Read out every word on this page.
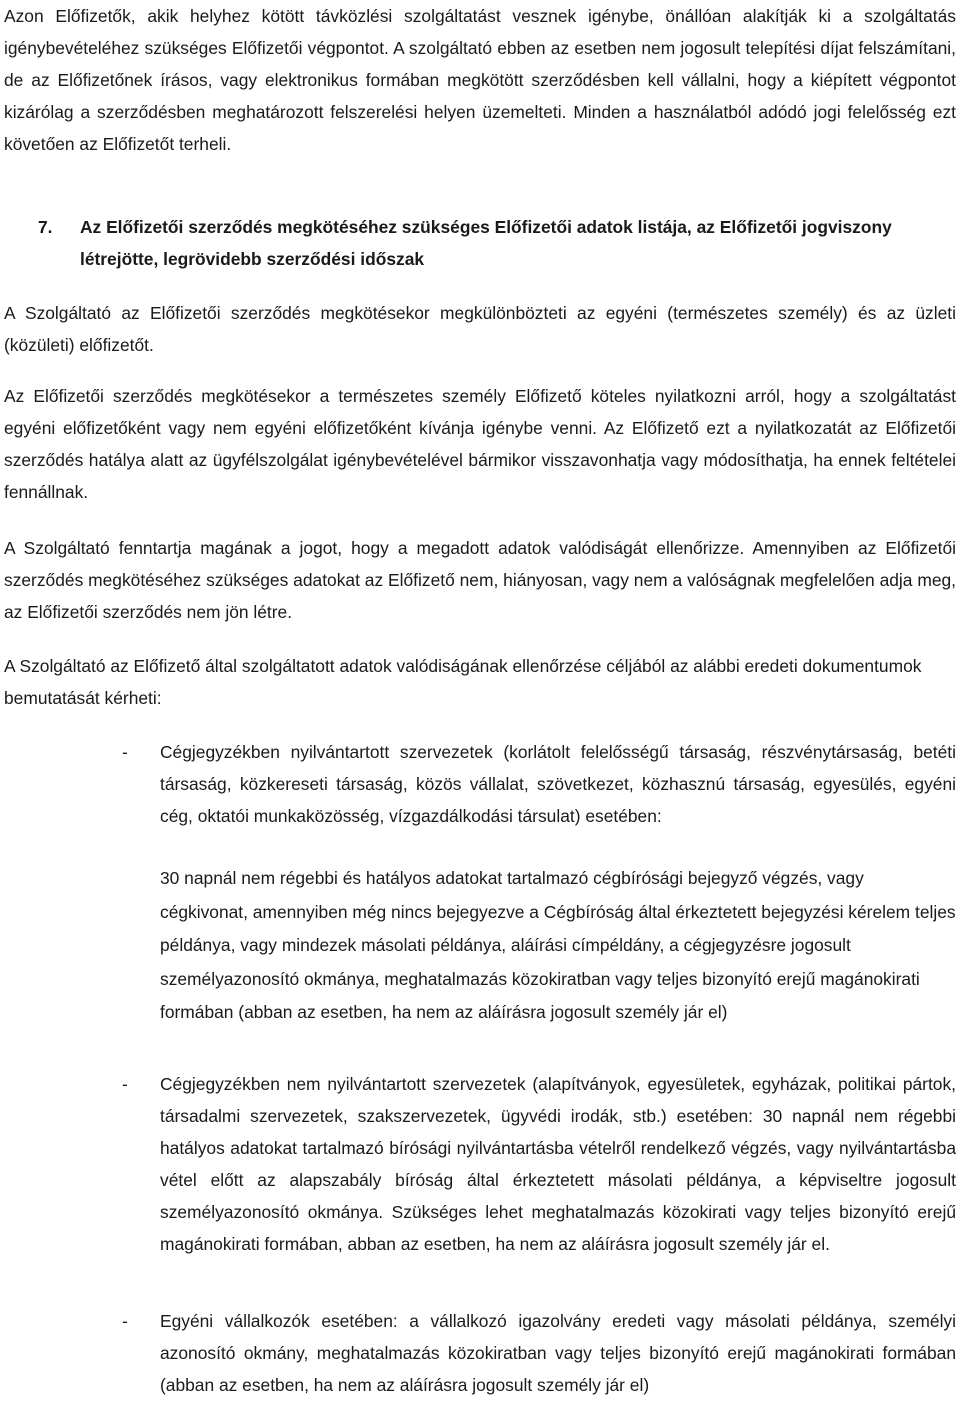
Azon Előfizetők, akik helyhez kötött távközlési szolgáltatást vesznek igénybe, önállóan alakítják ki a szolgáltatás igénybevételéhez szükséges Előfizetői végpontot. A szolgáltató ebben az esetben nem jogosult telepítési díjat felszámítani, de az Előfizetőnek írásos, vagy elektronikus formában megkötött szerződésben kell vállalni, hogy a kiépített végpontot kizárólag a szerződésben meghatározott felszerelési helyen üzemelteti. Minden a használatból adódó jogi felelősség ezt követően az Előfizetőt terheli.

7.	Az Előfizetői szerződés megkötéséhez szükséges Előfizetői adatok listája, az Előfizetői jogviszony létrejötte, legrövidebb szerződési időszak

A Szolgáltató az Előfizetői szerződés megkötésekor megkülönbözteti az egyéni (természetes személy) és az üzleti (közületi) előfizetőt.

Az Előfizetői szerződés megkötésekor a természetes személy Előfizető köteles nyilatkozni arról, hogy a szolgáltatást egyéni előfizetőként vagy nem egyéni előfizetőként kívánja igénybe venni. Az Előfizető ezt a nyilatkozatát az Előfizetői szerződés hatálya alatt az ügyfélszolgálat igénybevételével bármikor visszavonhatja vagy módosíthatja, ha ennek feltételei fennállnak.

A Szolgáltató fenntartja magának a jogot, hogy a megadott adatok valódiságát ellenőrizze. Amennyiben az Előfizetői szerződés megkötéséhez szükséges adatokat az Előfizető nem, hiányosan, vagy nem a valóságnak megfelelően adja meg, az Előfizetői szerződés nem jön létre.

A Szolgáltató az Előfizető által szolgáltatott adatok valódiságának ellenőrzése céljából az alábbi eredeti dokumentumok bemutatását kérheti:

-	Cégjegyzékben nyilvántartott szervezetek (korlátolt felelősségű társaság, részvénytársaság, betéti társaság, közkereseti társaság, közös vállalat, szövetkezet, közhasznú társaság, egyesülés, egyéni cég, oktatói munkaközösség, vízgazdálkodási társulat) esetében:

30 napnál nem régebbi és hatályos adatokat tartalmazó cégbírósági bejegyző végzés, vagy cégkivonat, amennyiben még nincs bejegyezve a Cégbíróság által érkeztetett bejegyzési kérelem teljes példánya, vagy mindezek másolati példánya, aláírási címpéldány, a cégjegyzésre jogosult személyazonosító okmánya, meghatalmazás közokiratban vagy teljes bizonyító erejű magánokirati formában (abban az esetben, ha nem az aláírásra jogosult személy jár el)

-	Cégjegyzékben nem nyilvántartott szervezetek (alapítványok, egyesületek, egyházak, politikai pártok, társadalmi szervezetek, szakszervezetek, ügyvédi irodák, stb.) esetében: 30 napnál nem régebbi hatályos adatokat tartalmazó bírósági nyilvántartásba vételről rendelkező végzés, vagy nyilvántartásba vétel előtt az alapszabály bíróság által érkeztetett másolati példánya, a képviseltre jogosult személyazonosító okmánya. Szükséges lehet meghatalmazás közokirati vagy teljes bizonyító erejű magánokirati formában, abban az esetben, ha nem az aláírásra jogosult személy jár el.

-	Egyéni vállalkozók esetében: a vállalkozó igazolvány eredeti vagy másolati példánya, személyi azonosító okmány, meghatalmazás közokiratban vagy teljes bizonyító erejű magánokirati formában (abban az esetben, ha nem az aláírásra jogosult személy jár el)
